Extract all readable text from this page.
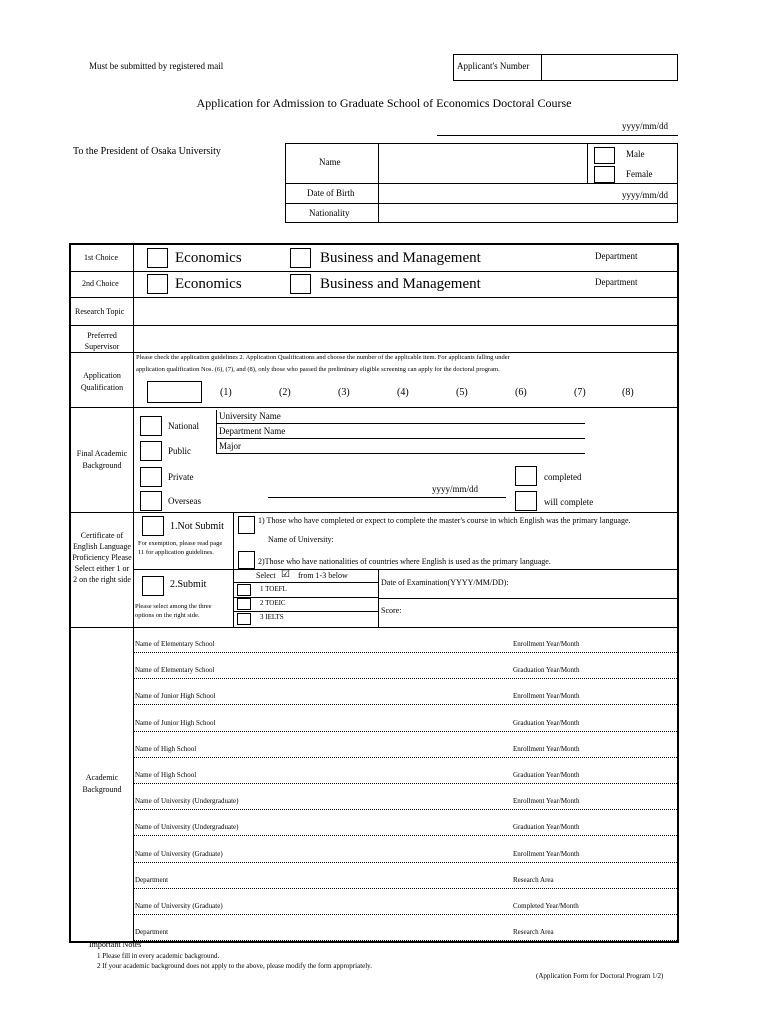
Must be submitted by registered mail	Applicant's Number
Application for Admission to Graduate School of Economics Doctoral Course
yyyy/mm/dd
To the President of Osaka University
Name
Male
Female
Date of Birth	yyyy/mm/dd
Nationality
1st Choice	Economics	Business and Management	Department
2nd Choice	Economics	Business and Management	Department
Research Topic
Preferred Supervisor
Application Qualification
Please check the application guidelines 2. Application Qualifications and choose the number of the applicable item. For applicants falling under
application qualification Nos. (6), (7), and (8), only those who passed the preliminary eligible screening can apply for the doctoral program.
(1)	(2)	(3)	(4)	(5)	(6)	(7)	(8)
Final Academic Background
National
Public
Private
Overseas
University Name
Department Name
Major
yyyy/mm/dd
completed
will complete
Certificate of English Language Proficiency Please Select either 1 or 2 on the right side
1.Not Submit
For exemption, please read page 11 for application guidelines.
1) Those who have completed or expect to complete the master's course in which English was the primary language.
Name of University:
2)Those who have nationalities of countries where English is used as the primary language.
2.Submit
Please select among the three options on the right side.
Select ☑ from 1-3 below
1 TOEFL
2 TOEIC
3 IELTS
Date of Examination(YYYY/MM/DD):
Score:
Academic Background
Name of Elementary School	Enrollment Year/Month
Name of Elementary School	Graduation Year/Month
Name of Junior High School	Enrollment Year/Month
Name of Junior High School	Graduation Year/Month
Name of High School	Enrollment Year/Month
Name of High School	Graduation Year/Month
Name of University (Undergraduate)	Enrollment Year/Month
Name of University (Undergraduate)	Graduation Year/Month
Name of University (Graduate)	Enrollment Year/Month
Department	Research Area
Name of University (Graduate)	Completed Year/Month
Department	Research Area
Important Notes
1 Please fill in every academic background.
2 If your academic background does not apply to the above, please modify the form appropriately.
(Application Form for Doctoral Program 1/2)
